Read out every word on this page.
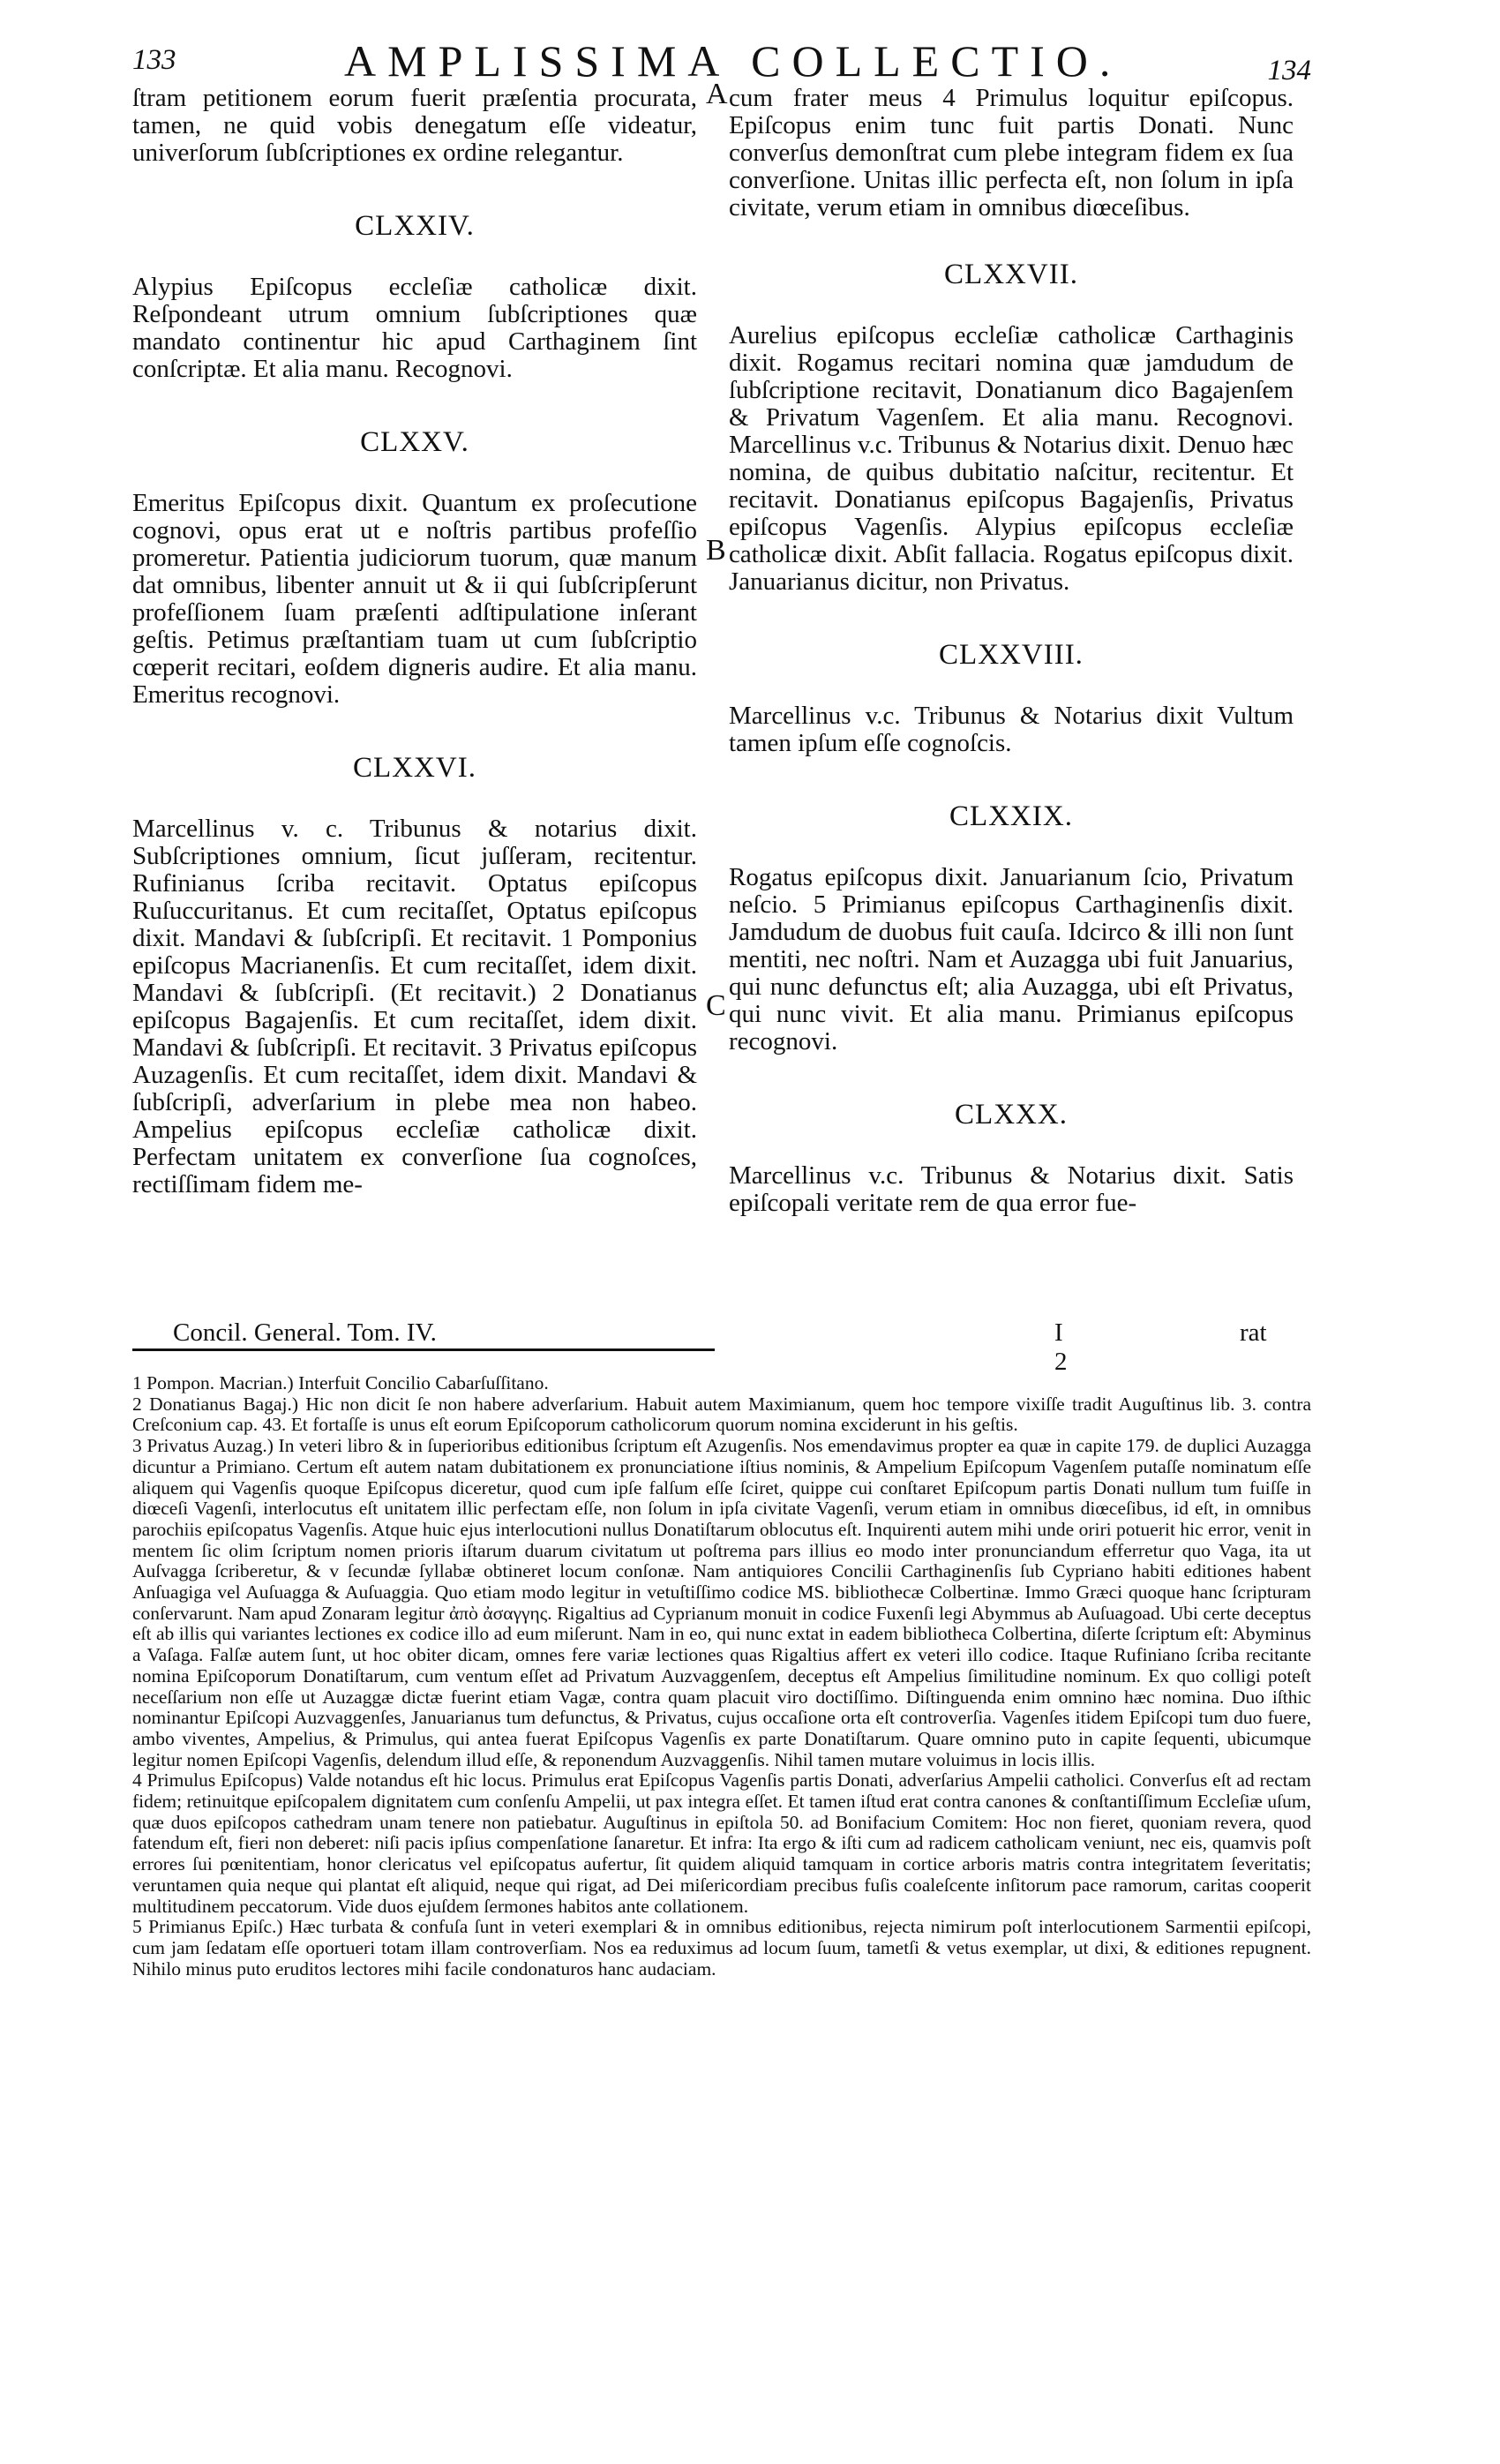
133	AMPLISSIMA COLLECTIO.	134

ſtram petitionem eorum fuerit præſentia procurata, tamen, ne quid vobis denegatum eſſe videatur, univerſorum ſubſcriptiones ex ordine relegantur.

CLXXIV.

Alypius Epiſcopus eccleſiæ catholicæ dixit. Reſpondeant utrum omnium ſubſcriptiones quæ mandato continentur hic apud Carthaginem ſint conſcriptæ. Et alia manu. Recognovi.

CLXXV.

Emeritus Epiſcopus dixit. Quantum ex proſecutione cognovi, opus erat ut e noſtris partibus profeſſio promeretur. Patientia judiciorum tuorum, quæ manum dat omnibus, libenter annuit ut & ii qui ſubſcripſerunt profeſſionem ſuam præſenti adſtipulatione inſerant geſtis. Petimus præſtantiam tuam ut cum ſubſcriptio cœperit recitari, eoſdem digneris audire. Et alia manu. Emeritus recognovi.

CLXXVI.

Marcellinus v. c. Tribunus & notarius dixit. Subſcriptiones omnium, ſicut juſſeram, recitentur. Rufinianus ſcriba recitavit. Optatus epiſcopus Ruſuccuritanus. Et cum recitaſſet, Optatus epiſcopus dixit. Mandavi & ſubſcripſi. Et recitavit. 1 Pomponius epiſcopus Macrianenſis. Et cum recitaſſet, idem dixit. Mandavi & ſubſcripſi. (Et recitavit.) 2 Donatianus epiſcopus Bagajenſis. Et cum recitaſſet, idem dixit. Mandavi & ſubſcripſi. Et recitavit. 3 Privatus epiſcopus Auzagenſis. Et cum recitaſſet, idem dixit. Mandavi & ſubſcripſi, adverſarium in plebe mea non habeo. Ampelius epiſcopus eccleſiæ catholicæ dixit. Perfectam unitatem ex converſione ſua cognoſces, rectiſſimam fidem me-

cum frater meus 4 Primulus loquitur epiſcopus. Epiſcopus enim tunc fuit partis Donati. Nunc converſus demonſtrat cum plebe integram fidem ex ſua converſione. Unitas illic perfecta eſt, non ſolum in ipſa civitate, verum etiam in omnibus diœceſibus.

CLXXVII.

Aurelius epiſcopus eccleſiæ catholicæ Carthaginis dixit. Rogamus recitari nomina quæ jamdudum de ſubſcriptione recitavit, Donatianum dico Bagajenſem & Privatum Vagenſem. Et alia manu. Recognovi. Marcellinus v.c. Tribunus & Notarius dixit. Denuo hæc nomina, de quibus dubitatio naſcitur, recitentur. Et recitavit. Donatianus epiſcopus Bagajenſis, Privatus epiſcopus Vagenſis. Alypius epiſcopus eccleſiæ catholicæ dixit. Abſit fallacia. Rogatus epiſcopus dixit. Januarianus dicitur, non Privatus.

CLXXVIII.

Marcellinus v.c. Tribunus & Notarius dixit Vultum tamen ipſum eſſe cognoſcis.

CLXXIX.

Rogatus epiſcopus dixit. Januarianum ſcio, Privatum neſcio. 5 Primianus epiſcopus Carthaginenſis dixit. Jamdudum de duobus fuit cauſa. Idcirco & illi non ſunt mentiti, nec noſtri. Nam et Auzagga ubi fuit Januarius, qui nunc defunctus eſt; alia Auzagga, ubi eſt Privatus, qui nunc vivit. Et alia manu. Primianus epiſcopus recognovi.

CLXXX.

Marcellinus v.c. Tribunus & Notarius dixit. Satis epiſcopali veritate rem de qua error fue-

A
B
C
Concil. General. Tom. IV.	I 2
rat

1 Pompon. Macrian.) Interfuit Concilio Cabarſuſſitano.

2 Donatianus Bagaj.) Hic non dicit ſe non habere adverſarium. Habuit autem Maximianum, quem hoc tempore vixiſſe tradit Auguſtinus lib. 3. contra Creſconium cap. 43. Et fortaſſe is unus eſt eorum Epiſcoporum catholicorum quorum nomina exciderunt in his geſtis.

3 Privatus Auzag.) In veteri libro & in ſuperioribus editionibus ſcriptum eſt Azugenſis. Nos emendavimus propter ea quæ in capite 179. de duplici Auzagga dicuntur a Primiano. Certum eſt autem natam dubitationem ex pronunciatione iſtius nominis, & Ampelium Epiſcopum Vagenſem putaſſe nominatum eſſe aliquem qui Vagenſis quoque Epiſcopus diceretur, quod cum ipſe falſum eſſe ſciret, quippe cui conſtaret Epiſcopum partis Donati nullum tum fuiſſe in diœceſi Vagenſi, interlocutus eſt unitatem illic perfectam eſſe, non ſolum in ipſa civitate Vagenſi, verum etiam in omnibus diœceſibus, id eſt, in omnibus parochiis epiſcopatus Vagenſis. Atque huic ejus interlocutioni nullus Donatiſtarum oblocutus eſt. Inquirenti autem mihi unde oriri potuerit hic error, venit in mentem ſic olim ſcriptum nomen prioris iſtarum duarum civitatum ut poſtrema pars illius eo modo inter pronunciandum efferretur quo Vaga, ita ut Auſvagga ſcriberetur, & v ſecundæ ſyllabæ obtineret locum conſonæ. Nam antiquiores Concilii Carthaginenſis ſub Cypriano habiti editiones habent Anſuagiga vel Auſuagga & Auſuaggia. Quo etiam modo legitur in vetuſtiſſimo codice MS. bibliothecæ Colbertinæ. Immo Græci quoque hanc ſcripturam conſervarunt. Nam apud Zonaram legitur ἀπὸ ἀσαγγης. Rigaltius ad Cyprianum monuit in codice Fuxenſi legi Abymmus ab Auſuagoad. Ubi certe deceptus eſt ab illis qui variantes lectiones ex codice illo ad eum miſerunt. Nam in eo, qui nunc extat in eadem bibliotheca Colbertina, diſerte ſcriptum eſt: Abyminus a Vaſaga. Falſæ autem ſunt, ut hoc obiter dicam, omnes fere variæ lectiones quas Rigaltius affert ex veteri illo codice. Itaque Rufiniano ſcriba recitante nomina Epiſcoporum Donatiſtarum, cum ventum eſſet ad Privatum Auzvaggenſem, deceptus eſt Ampelius ſimilitudine nominum. Ex quo colligi poteſt neceſſarium non eſſe ut Auzaggæ dictæ fuerint etiam Vagæ, contra quam placuit viro doctiſſimo. Diſtinguenda enim omnino hæc nomina. Duo iſthic nominantur Epiſcopi Auzvaggenſes, Januarianus tum defunctus, & Privatus, cujus occaſione orta eſt controverſia. Vagenſes itidem Epiſcopi tum duo fuere, ambo viventes, Ampelius, & Primulus, qui antea fuerat Epiſcopus Vagenſis ex parte Donatiſtarum. Quare omnino puto in capite ſequenti, ubicumque legitur nomen Epiſcopi Vagenſis, delendum illud eſſe, & reponendum Auzvaggenſis. Nihil tamen mutare voluimus in locis illis.

4 Primulus Epiſcopus) Valde notandus eſt hic locus. Primulus erat Epiſcopus Vagenſis partis Donati, adverſarius Ampelii catholici. Converſus eſt ad rectam fidem; retinuitque epiſcopalem dignitatem cum conſenſu Ampelii, ut pax integra eſſet. Et tamen iſtud erat contra canones & conſtantiſſimum Eccleſiæ uſum, quæ duos epiſcopos cathedram unam tenere non patiebatur. Auguſtinus in epiſtola 50. ad Bonifacium Comitem: Hoc non fieret, quoniam revera, quod fatendum eſt, fieri non deberet: niſi pacis ipſius compenſatione ſanaretur. Et infra: Ita ergo & iſti cum ad radicem catholicam veniunt, nec eis, quamvis poſt errores ſui pœnitentiam, honor clericatus vel epiſcopatus aufertur, ſit quidem aliquid tamquam in cortice arboris matris contra integritatem ſeveritatis; veruntamen quia neque qui plantat eſt aliquid, neque qui rigat, ad Dei miſericordiam precibus fuſis coaleſcente inſitorum pace ramorum, caritas cooperit multitudinem peccatorum. Vide duos ejuſdem ſermones habitos ante collationem.

5 Primianus Epiſc.) Hæc turbata & confuſa ſunt in veteri exemplari & in omnibus editionibus, rejecta nimirum poſt interlocutionem Sarmentii epiſcopi, cum jam ſedatam eſſe oportueri totam illam controverſiam. Nos ea reduximus ad locum ſuum, tametſi & vetus exemplar, ut dixi, & editiones repugnent. Nihilo minus puto eruditos lectores mihi facile condonaturos hanc audaciam.
